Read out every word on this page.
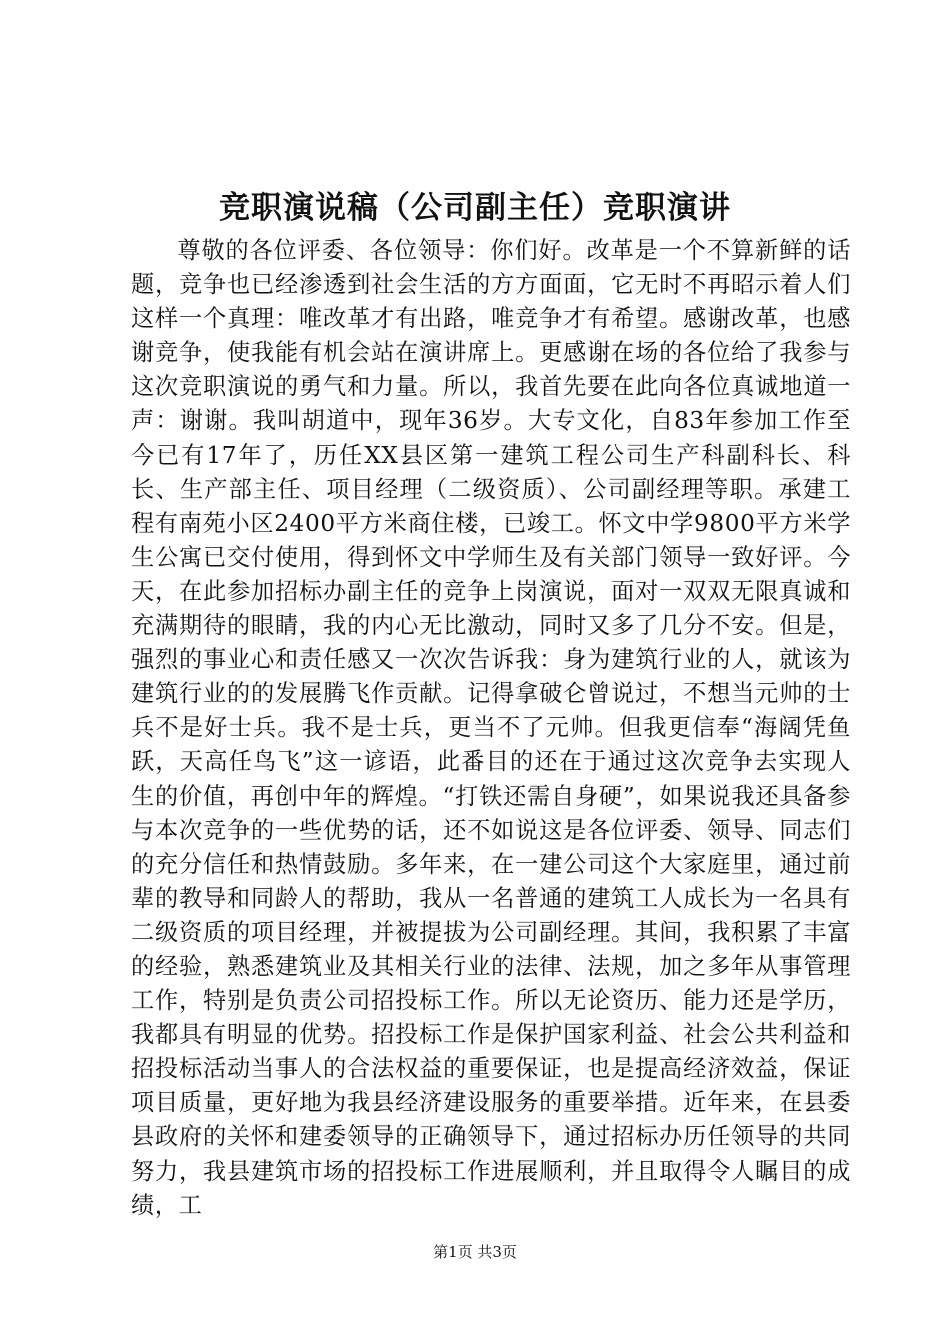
竞职演说稿（公司副主任）竞职演讲

尊敬的各位评委、各位领导：你们好。改革是一个不算新鲜的话题，竞争也已经渗透到社会生活的方方面面，它无时不再昭示着人们这样一个真理：唯改革才有出路，唯竞争才有希望。感谢改革，也感谢竞争，使我能有机会站在演讲席上。更感谢在场的各位给了我参与这次竞职演说的勇气和力量。所以，我首先要在此向各位真诚地道一声：谢谢。我叫胡道中，现年36岁。大专文化，自83年参加工作至今已有17年了，历任XX县区第一建筑工程公司生产科副科长、科长、生产部主任、项目经理（二级资质）、公司副经理等职。承建工程有南苑小区2400平方米商住楼，已竣工。怀文中学9800平方米学生公寓已交付使用，得到怀文中学师生及有关部门领导一致好评。今天，在此参加招标办副主任的竞争上岗演说，面对一双双无限真诚和充满期待的眼睛，我的内心无比激动，同时又多了几分不安。但是，强烈的事业心和责任感又一次次告诉我：身为建筑行业的人，就该为建筑行业的的发展腾飞作贡献。记得拿破仑曾说过，不想当元帅的士兵不是好士兵。我不是士兵，更当不了元帅。但我更信奉“海阔凭鱼跃，天高任鸟飞”这一谚语，此番目的还在于通过这次竞争去实现人生的价值，再创中年的辉煌。“打铁还需自身硬”，如果说我还具备参与本次竞争的一些优势的话，还不如说这是各位评委、领导、同志们的充分信任和热情鼓励。多年来，在一建公司这个大家庭里，通过前辈的教导和同龄人的帮助，我从一名普通的建筑工人成长为一名具有二级资质的项目经理，并被提拔为公司副经理。其间，我积累了丰富的经验，熟悉建筑业及其相关行业的法律、法规，加之多年从事管理工作，特别是负责公司招投标工作。所以无论资历、能力还是学历，我都具有明显的优势。招投标工作是保护国家利益、社会公共利益和招投标活动当事人的合法权益的重要保证，也是提高经济效益，保证项目质量，更好地为我县经济建设服务的重要举措。近年来，在县委县政府的关怀和建委领导的正确领导下，通过招标办历任领导的共同努力，我县建筑市场的招投标工作进展顺利，并且取得令人瞩目的成绩，工

第1页 共3页
